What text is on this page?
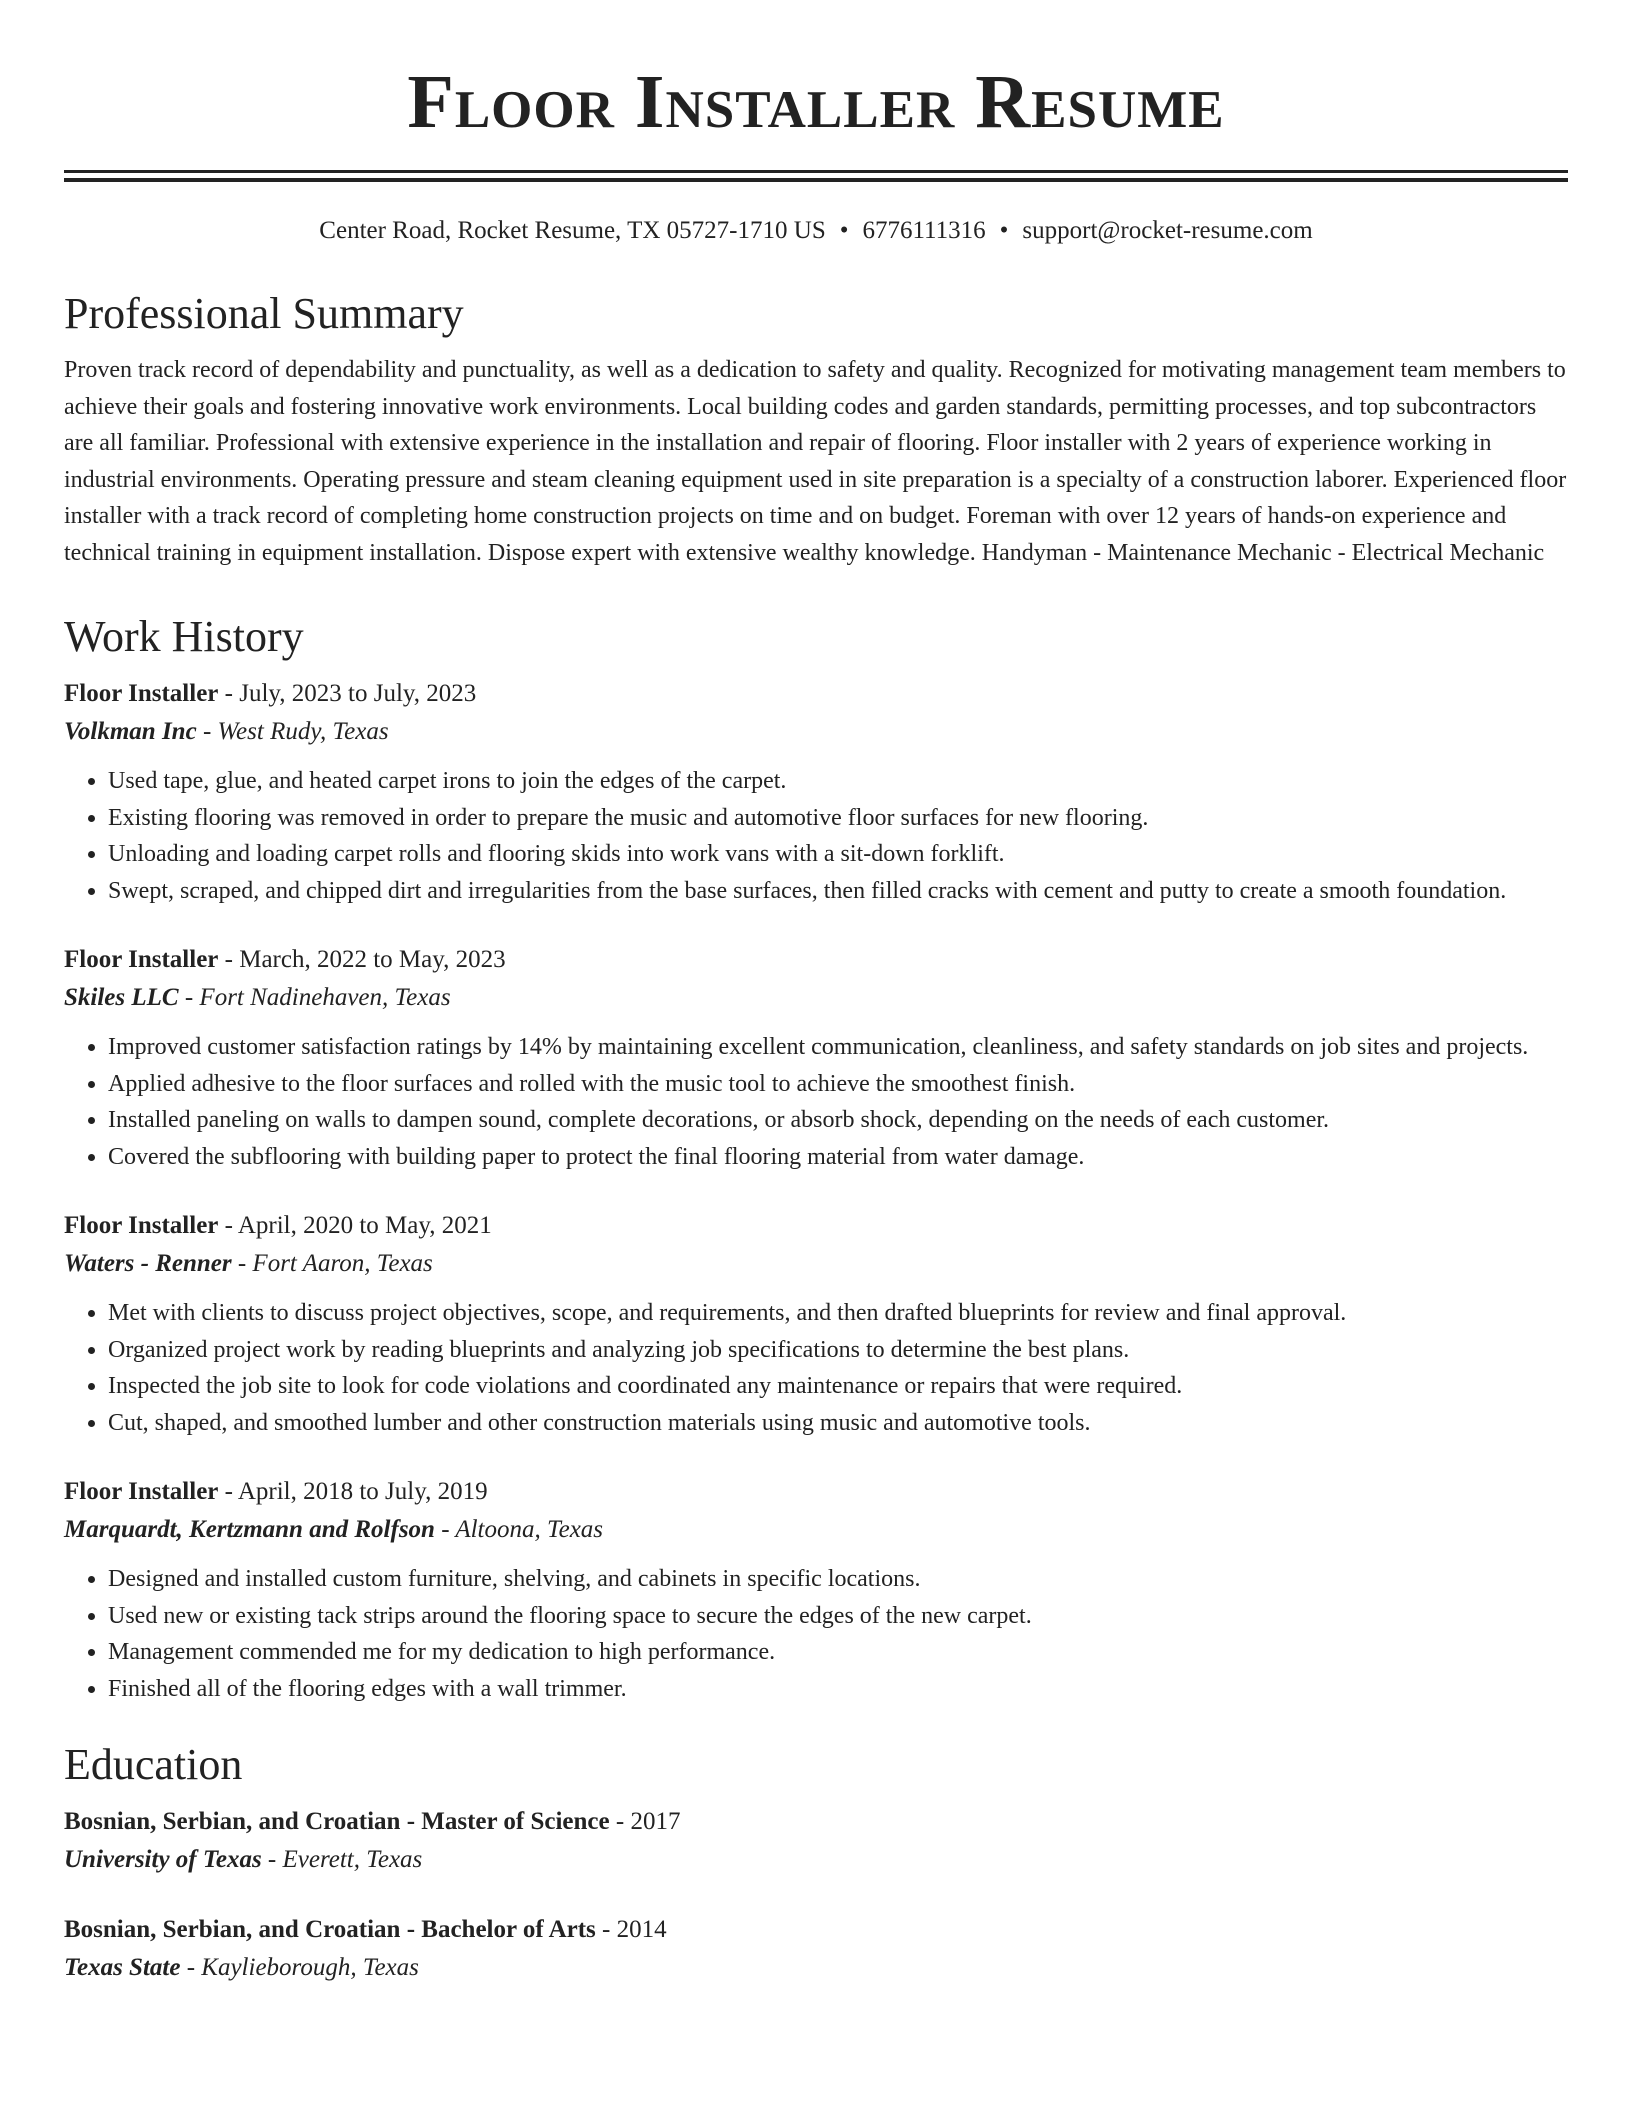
Floor Installer Resume
Center Road, Rocket Resume, TX 05727-1710 US • 6776111316 • support@rocket-resume.com
Professional Summary

Proven track record of dependability and punctuality, as well as a dedication to safety and quality. Recognized for motivating management team members to achieve their goals and fostering innovative work environments. Local building codes and garden standards, permitting processes, and top subcontractors are all familiar. Professional with extensive experience in the installation and repair of flooring. Floor installer with 2 years of experience working in industrial environments. Operating pressure and steam cleaning equipment used in site preparation is a specialty of a construction laborer. Experienced floor installer with a track record of completing home construction projects on time and on budget. Foreman with over 12 years of hands-on experience and technical training in equipment installation. Dispose expert with extensive wealthy knowledge. Handyman - Maintenance Mechanic - Electrical Mechanic

Work History
Floor Installer - July, 2023 to July, 2023
Volkman Inc - West Rudy, Texas
• Used tape, glue, and heated carpet irons to join the edges of the carpet.
• Existing flooring was removed in order to prepare the music and automotive floor surfaces for new flooring.
• Unloading and loading carpet rolls and flooring skids into work vans with a sit-down forklift.
• Swept, scraped, and chipped dirt and irregularities from the base surfaces, then filled cracks with cement and putty to create a smooth foundation.
Floor Installer - March, 2022 to May, 2023
Skiles LLC - Fort Nadinehaven, Texas
• Improved customer satisfaction ratings by 14% by maintaining excellent communication, cleanliness, and safety standards on job sites and projects.
• Applied adhesive to the floor surfaces and rolled with the music tool to achieve the smoothest finish.
• Installed paneling on walls to dampen sound, complete decorations, or absorb shock, depending on the needs of each customer.
• Covered the subflooring with building paper to protect the final flooring material from water damage.
Floor Installer - April, 2020 to May, 2021
Waters - Renner - Fort Aaron, Texas
• Met with clients to discuss project objectives, scope, and requirements, and then drafted blueprints for review and final approval.
• Organized project work by reading blueprints and analyzing job specifications to determine the best plans.
• Inspected the job site to look for code violations and coordinated any maintenance or repairs that were required.
• Cut, shaped, and smoothed lumber and other construction materials using music and automotive tools.
Floor Installer - April, 2018 to July, 2019
Marquardt, Kertzmann and Rolfson - Altoona, Texas
• Designed and installed custom furniture, shelving, and cabinets in specific locations.
• Used new or existing tack strips around the flooring space to secure the edges of the new carpet.
• Management commended me for my dedication to high performance.
• Finished all of the flooring edges with a wall trimmer.
Education
Bosnian, Serbian, and Croatian - Master of Science - 2017
University of Texas - Everett, Texas
Bosnian, Serbian, and Croatian - Bachelor of Arts - 2014
Texas State - Kaylieborough, Texas
